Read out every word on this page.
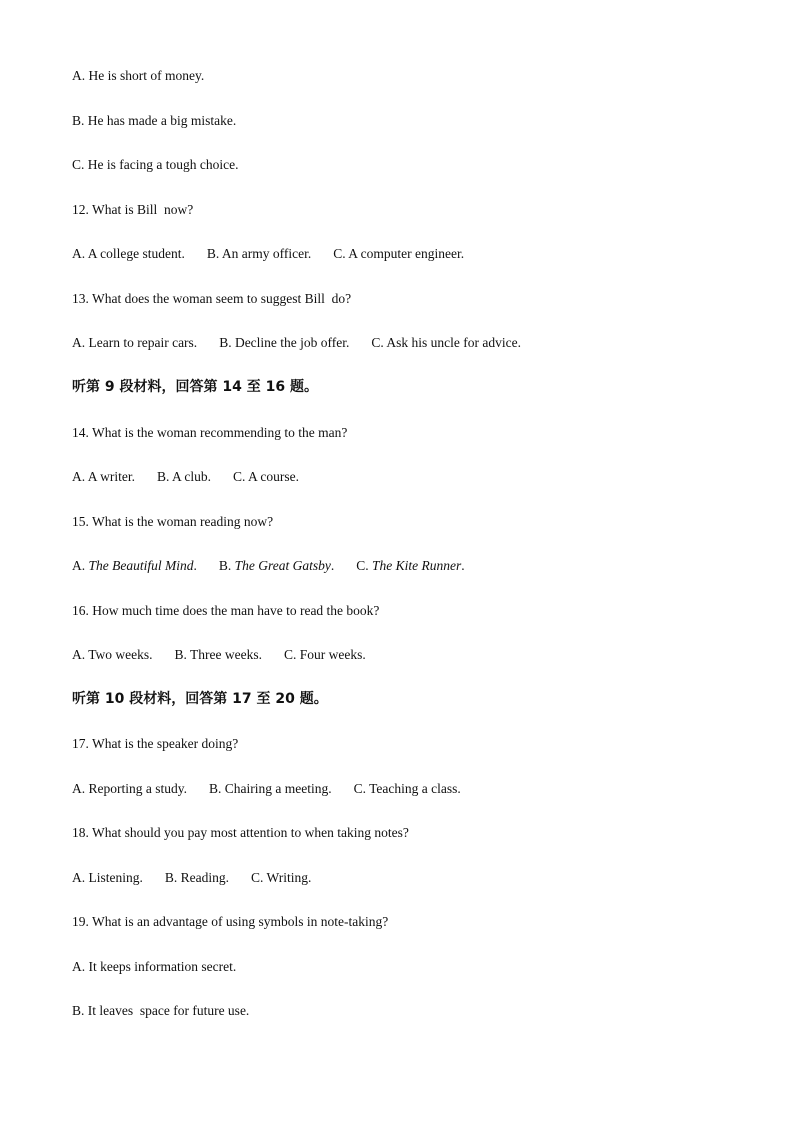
A. He is short of money.

B. He has made a big mistake.

C. He is facing a tough choice.

12. What is Bill  now?

A. A college student. B. An army officer. C. A computer engineer.

13. What does the woman seem to suggest Bill  do?

A. Learn to repair cars. B. Decline the job offer. C. Ask his uncle for advice.

听第 9 段材料，回答第 14 至 16 题。

14. What is the woman recommending to the man?

A. A writer. B. A club. C. A course.

15. What is the woman reading now?

A. The Beautiful Mind. B. The Great Gatsby. C. The Kite Runner.

16. How much time does the man have to read the book?

A. Two weeks. B. Three weeks. C. Four weeks.

听第 10 段材料，回答第 17 至 20 题。

17. What is the speaker doing?

A. Reporting a study. B. Chairing a meeting. C. Teaching a class.

18. What should you pay most attention to when taking notes?

A. Listening. B. Reading. C. Writing.

19. What is an advantage of using symbols in note-taking?

A. It keeps information secret.

B. It leaves  space for future use.
